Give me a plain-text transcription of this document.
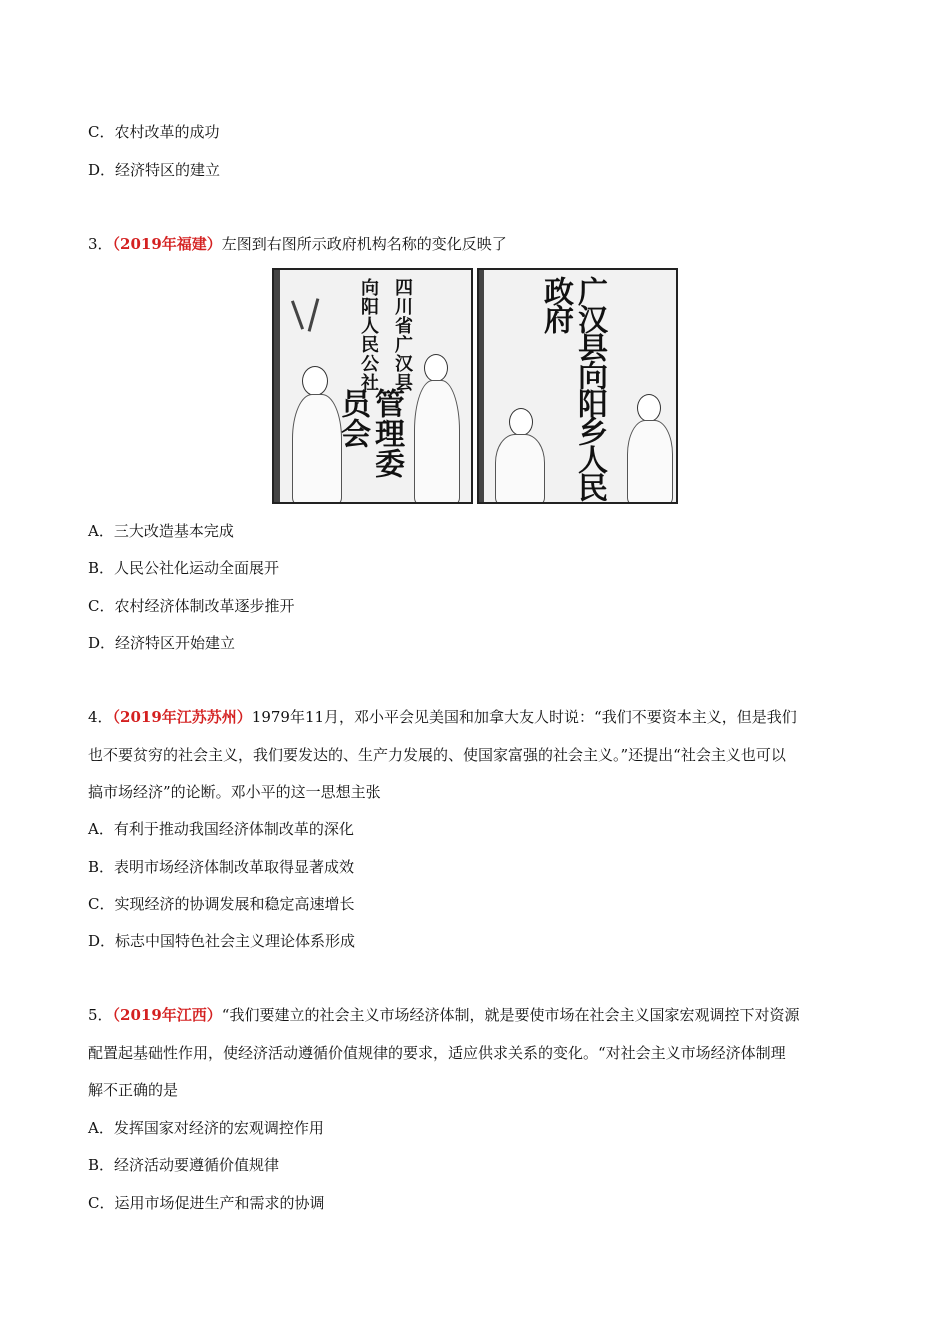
C．农村改革的成功
D．经济特区的建立
3．（2019年福建）左图到右图所示政府机构名称的变化反映了
向阳人民公社 四川省广汉县
管理委员会	广汉县向阳乡人民政府
A．三大改造基本完成
B．人民公社化运动全面展开
C．农村经济体制改革逐步推开
D．经济特区开始建立
4．（2019年江苏苏州）1979年11月，邓小平会见美国和加拿大友人时说：“我们不要资本主义，但是我们
也不要贫穷的社会主义，我们要发达的、生产力发展的、使国家富强的社会主义。”还提出“社会主义也可以
搞市场经济”的论断。邓小平的这一思想主张
A．有利于推动我国经济体制改革的深化
B．表明市场经济体制改革取得显著成效
C．实现经济的协调发展和稳定高速增长
D．标志中国特色社会主义理论体系形成
5．（2019年江西）“我们要建立的社会主义市场经济体制，就是要使市场在社会主义国家宏观调控下对资源
配置起基础性作用，使经济活动遵循价值规律的要求，适应供求关系的变化。“对社会主义市场经济体制理
解不正确的是
A．发挥国家对经济的宏观调控作用
B．经济活动要遵循价值规律
C．运用市场促进生产和需求的协调
